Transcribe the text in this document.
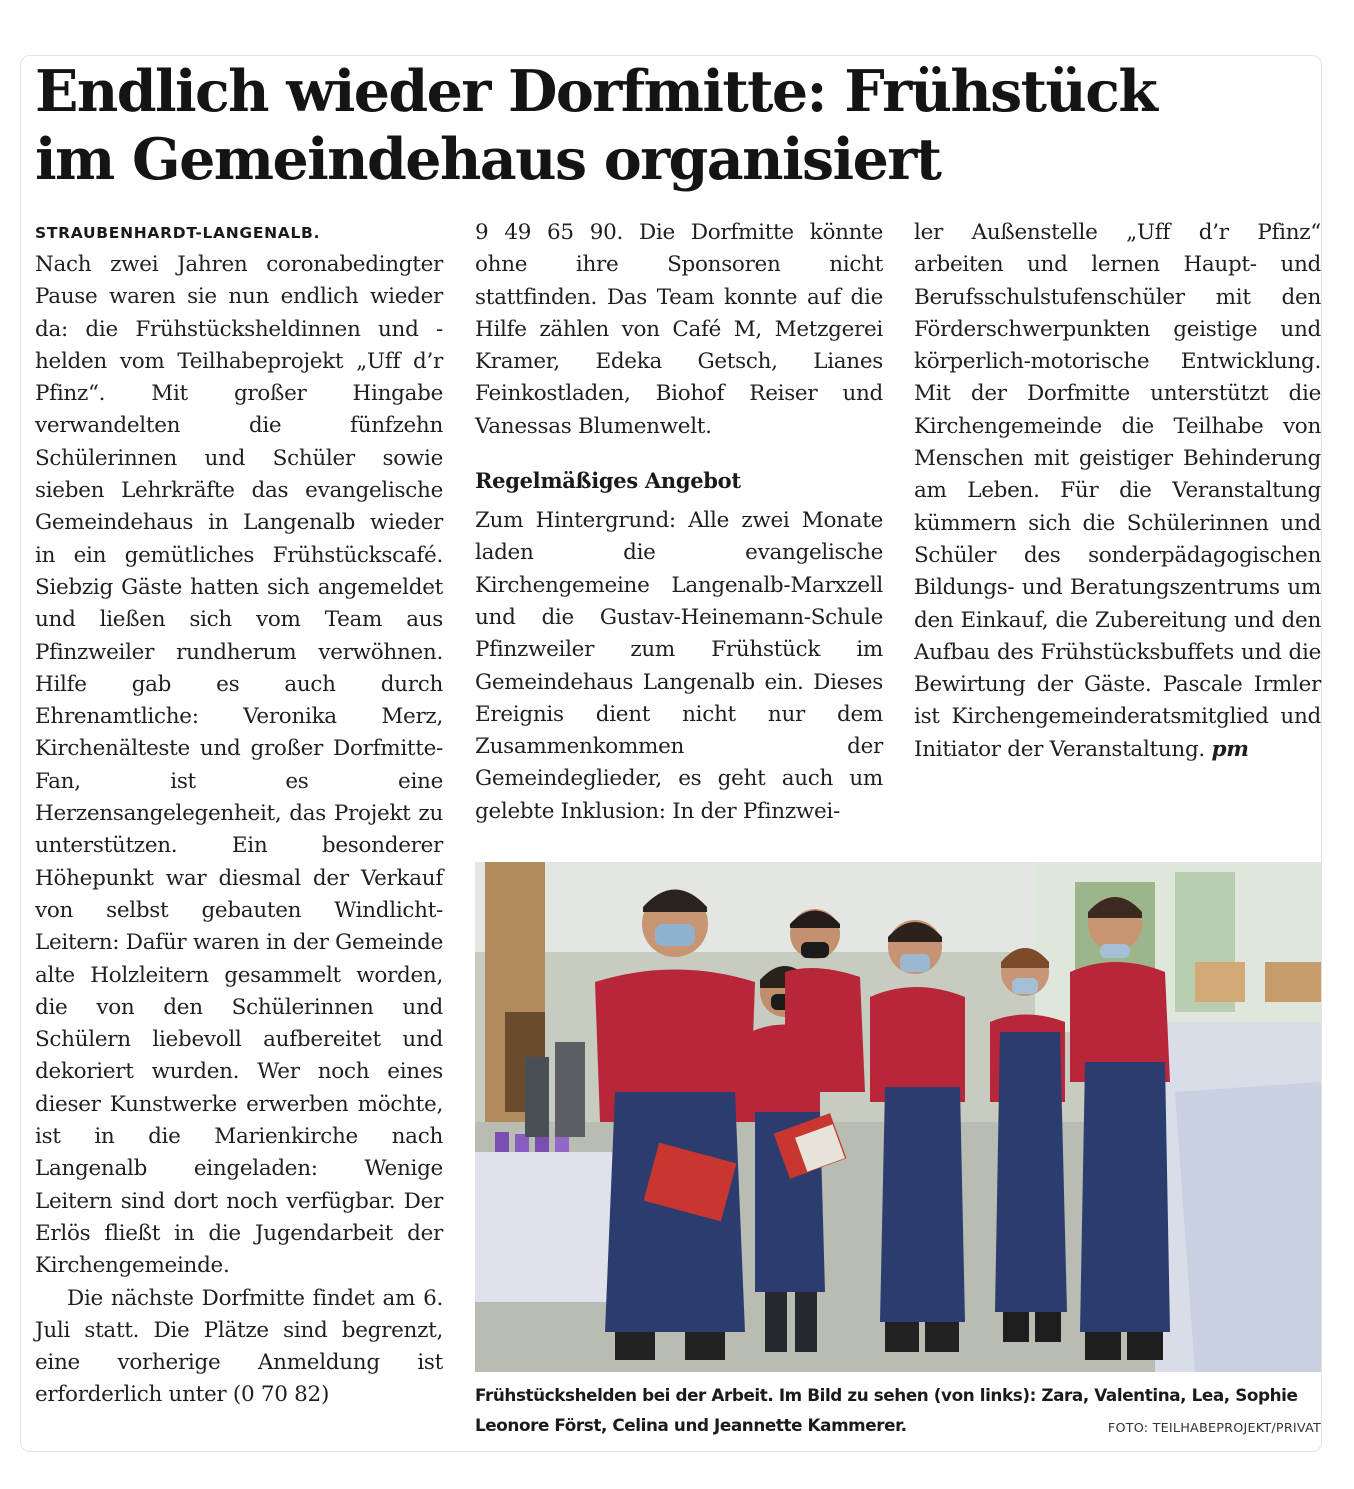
Endlich wieder Dorfmitte: Frühstück
im Gemeindehaus organisiert
STRAUBENHARDT-LANGENALB.

Nach zwei Jahren coronabedingter Pause waren sie nun endlich wieder da: die Frühstücksheldinnen und -helden vom Teilhabeprojekt „Uff d’r Pfinz“. Mit großer Hingabe verwandelten die fünfzehn Schülerinnen und Schüler sowie sieben Lehrkräfte das evangelische Gemeindehaus in Langenalb wieder in ein gemütliches Frühstückscafé. Siebzig Gäste hatten sich angemeldet und ließen sich vom Team aus Pfinzweiler rundherum verwöhnen. Hilfe gab es auch durch Ehrenamtliche: Veronika Merz, Kirchenälteste und großer Dorfmitte-Fan, ist es eine Herzensangelegenheit, das Projekt zu unterstützen. Ein besonderer Höhepunkt war diesmal der Verkauf von selbst gebauten Windlicht-Leitern: Dafür waren in der Gemeinde alte Holzleitern gesammelt worden, die von den Schülerinnen und Schülern liebevoll aufbereitet und dekoriert wurden. Wer noch eines dieser Kunstwerke erwerben möchte, ist in die Marienkirche nach Langenalb eingeladen: Wenige Leitern sind dort noch verfügbar. Der Erlös fließt in die Jugendarbeit der Kirchengemeinde.

Die nächste Dorfmitte findet am 6. Juli statt. Die Plätze sind begrenzt, eine vorherige Anmeldung ist erforderlich unter (0 70 82)

9 49 65 90. Die Dorfmitte könnte ohne ihre Sponsoren nicht stattfinden. Das Team konnte auf die Hilfe zählen von Café M, Metzgerei Kramer, Edeka Getsch, Lianes Feinkostladen, Biohof Reiser und Vanessas Blumenwelt.

Regelmäßiges Angebot

Zum Hintergrund: Alle zwei Monate laden die evangelische Kirchengemeine Langenalb-Marxzell und die Gustav-Heinemann-Schule Pfinzweiler zum Frühstück im Gemeindehaus Langenalb ein. Dieses Ereignis dient nicht nur dem Zusammenkommen der Gemeindeglieder, es geht auch um gelebte Inklusion: In der Pfinzwei-

ler Außenstelle „Uff d’r Pfinz“ arbeiten und lernen Haupt- und Berufsschulstufenschüler mit den Förderschwerpunkten geistige und körperlich-motorische Entwicklung. Mit der Dorfmitte unterstützt die Kirchengemeinde die Teilhabe von Menschen mit geistiger Behinderung am Leben. Für die Veranstaltung kümmern sich die Schülerinnen und Schüler des sonderpädagogischen Bildungs- und Beratungszentrums um den Einkauf, die Zubereitung und den Aufbau des Frühstücksbuffets und die Bewirtung der Gäste. Pascale Irmler ist Kirchengemeinderatsmitglied und Initiator der Veranstaltung. pm

Frühstückshelden bei der Arbeit. Im Bild zu sehen (von links): Zara, Valentina, Lea, Sophie Leonore Först, Celina und Jeannette Kammerer.	FOTO: TEILHABEPROJEKT/PRIVAT
